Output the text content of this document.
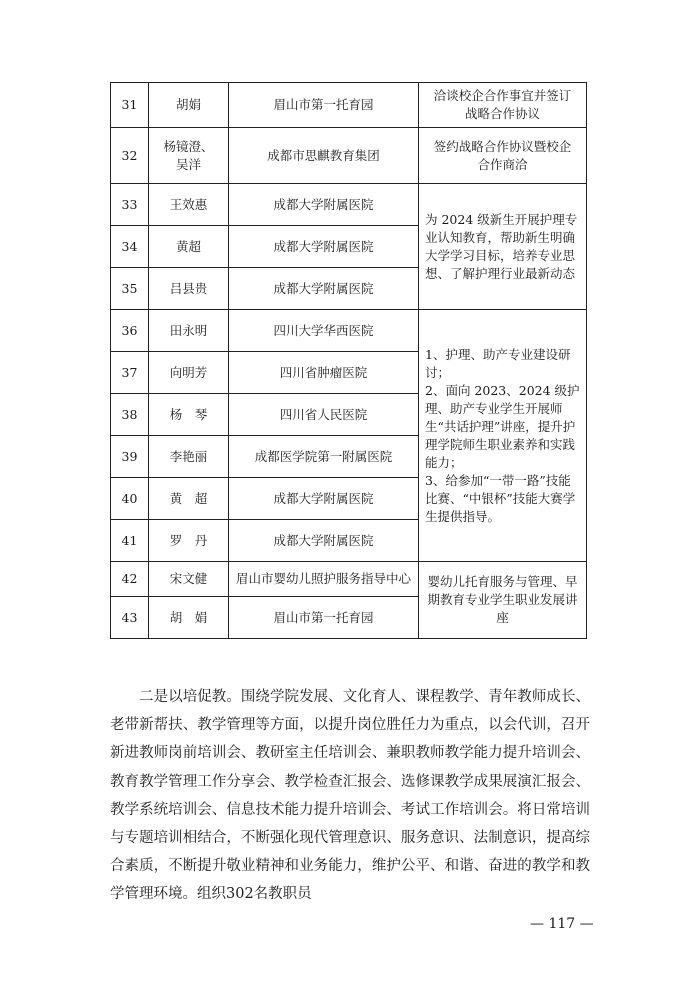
31	胡娟	眉山市第一托育园	洽谈校企合作事宜并签订
战略合作协议
32	杨镜澄、
吴洋	成都市思麒教育集团	签约战略合作协议暨校企
合作商洽
33	王效惠	成都大学附属医院	为 2024 级新生开展护理专业认知教育，帮助新生明确大学学习目标，培养专业思想、了解护理行业最新动态
34	黄超	成都大学附属医院	
35	吕县贵	成都大学附属医院	
36	田永明	四川大学华西医院	1、护理、助产专业建设研讨；
2、面向 2023、2024 级护理、助产专业学生开展师生“共话护理”讲座，提升护理学院师生职业素养和实践能力；
3、给参加“一带一路”技能比赛、“中银杯”技能大赛学生提供指导。
37	向明芳	四川省肿瘤医院	
38	杨　琴	四川省人民医院	
39	李艳丽	成都医学院第一附属医院	
40	黄　超	成都大学附属医院	
41	罗　丹	成都大学附属医院	
42	宋文健	眉山市婴幼儿照护服务指导中心	婴幼儿托育服务与管理、早期教育专业学生职业发展讲座
43	胡　娟	眉山市第一托育园	

二是以培促教。围绕学院发展、文化育人、课程教学、青年教师成长、老带新帮扶、教学管理等方面，以提升岗位胜任力为重点，以会代训，召开新进教师岗前培训会、教研室主任培训会、兼职教师教学能力提升培训会、教育教学管理工作分享会、教学检查汇报会、选修课教学成果展演汇报会、教学系统培训会、信息技术能力提升培训会、考试工作培训会。将日常培训与专题培训相结合，不断强化现代管理意识、服务意识、法制意识，提高综合素质，不断提升敬业精神和业务能力，维护公平、和谐、奋进的教学和教学管理环境。组织302名教职员

— 117 —
